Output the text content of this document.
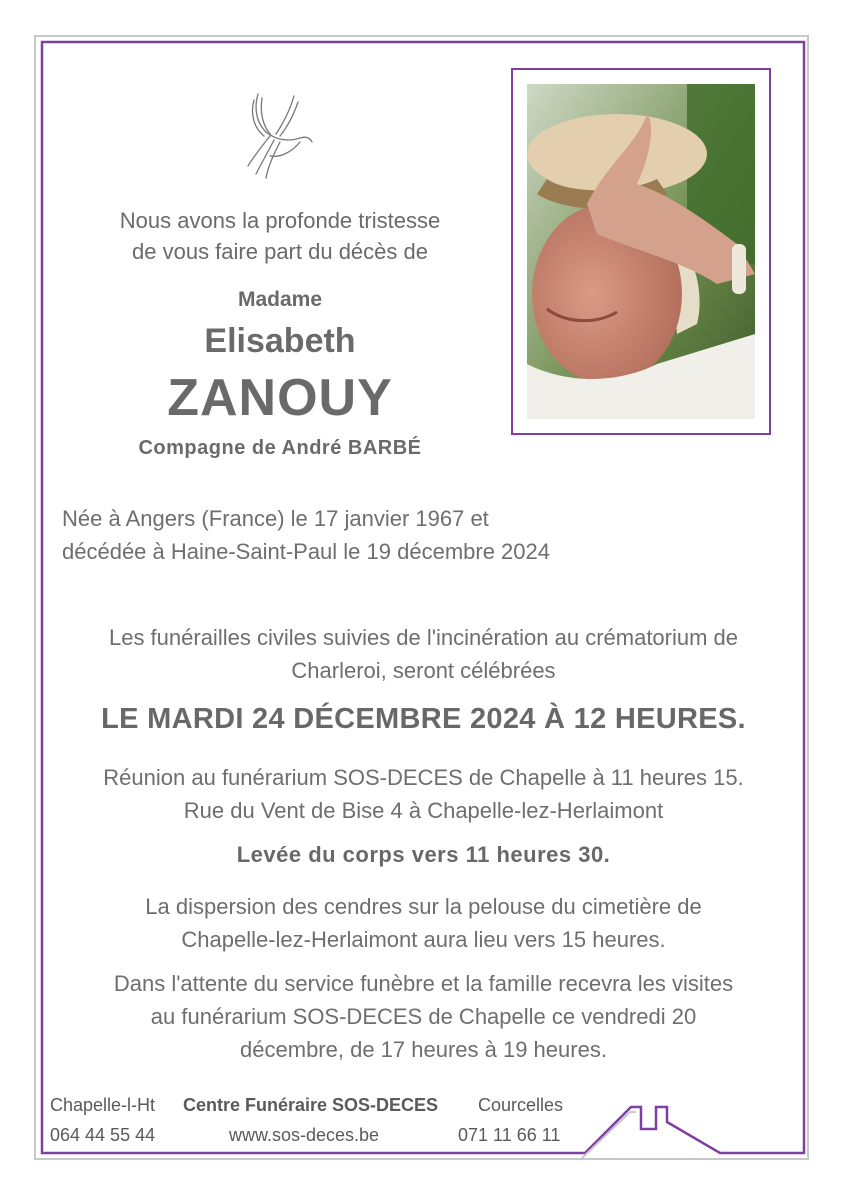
Nous avons la profonde tristesse
de vous faire part du décès de
Madame
Elisabeth
ZANOUY
Compagne de André BARBÉ
Née à Angers (France) le 17 janvier 1967 et
décédée à Haine-Saint-Paul le 19 décembre 2024
Les funérailles civiles suivies de l'incinération au crématorium de
Charleroi, seront célébrées
LE MARDI 24 DÉCEMBRE 2024 À 12 HEURES.
Réunion au funérarium SOS-DECES de Chapelle à 11 heures 15.
Rue du Vent de Bise 4 à Chapelle-lez-Herlaimont
Levée du corps vers 11 heures 30.
La dispersion des cendres sur la pelouse du cimetière de
Chapelle-lez-Herlaimont aura lieu vers 15 heures.
Dans l'attente du service funèbre et la famille recevra les visites
au funérarium SOS-DECES de Chapelle ce vendredi 20
décembre, de 17 heures à 19 heures.
Chapelle-l-Ht
064 44 55 44
Centre Funéraire SOS-DECES
www.sos-deces.be
Courcelles
071 11 66 11
